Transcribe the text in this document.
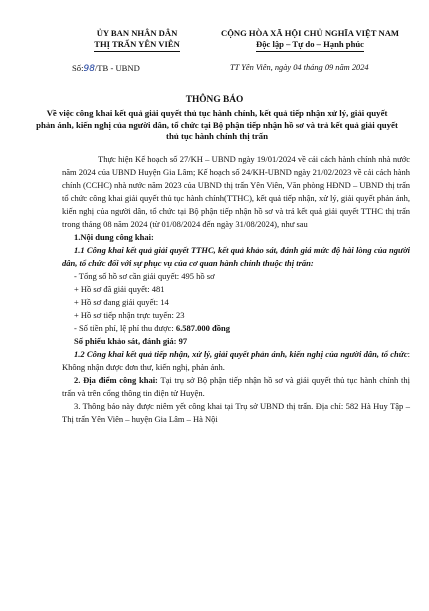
ỦY BAN NHÂN DÂN
THỊ TRẤN YÊN VIÊN
CỘNG HÒA XÃ HỘI CHỦ NGHĨA VIỆT NAM
Độc lập – Tự do – Hạnh phúc
Số:98/TB - UBND	TT Yên Viên, ngày 04 tháng 09 năm 2024
THÔNG BÁO
Về việc công khai kết quả giải quyết thủ tục hành chính, kết quả tiếp nhận xử lý, giải quyết phản ánh, kiến nghị của người dân, tổ chức tại Bộ phận tiếp nhận hồ sơ và trả kết quả giải quyết thủ tục hành chính thị trấn

Thực hiện Kế hoạch số 27/KH – UBND ngày 19/01/2024 về cải cách hành chính nhà nước năm 2024 của UBND Huyện Gia Lâm; Kế hoạch số 24/KH-UBND ngày 21/02/2023 về cải cách hành chính (CCHC) nhà nước năm 2023 của UBND thị trấn Yên Viên, Văn phòng HĐND – UBND thị trấn tổ chức công khai giải quyết thủ tục hành chính(TTHC), kết quả tiếp nhận, xử lý, giải quyết phản ánh, kiến nghị của người dân, tổ chức tại Bộ phận tiếp nhận hồ sơ và trả kết quả giải quyết TTHC thị trấn trong tháng 08 năm 2024 (từ 01/08/2024 đến ngày 31/08/2024), như sau

1.Nội dung công khai:

1.1 Công khai kết quả giải quyết TTHC, kết quả khảo sát, đánh giá mức độ hài lòng của người dân, tổ chức đối với sự phục vụ của cơ quan hành chính thuộc thị trấn:

- Tổng số hồ sơ cần giải quyết: 495 hồ sơ

+ Hồ sơ đã giải quyết: 481

+ Hồ sơ đang giải quyết: 14

+ Hồ sơ tiếp nhận trực tuyến: 23

- Số tiền phí, lệ phí thu được: 6.587.000 đồng

Số phiếu khảo sát, đánh giá: 97

1.2 Công khai kết quả tiếp nhận, xử lý, giải quyết phản ánh, kiến nghị của người dân, tổ chức: Không nhận được đơn thư, kiến nghị, phản ánh.

2. Địa điểm công khai: Tại trụ sở Bộ phận tiếp nhận hồ sơ và giải quyết thủ tục hành chính thị trấn và trên cổng thông tin điện tử Huyện.

3. Thông báo này được niêm yết công khai tại Trụ sở UBND thị trấn. Địa chỉ: 582 Hà Huy Tập – Thị trấn Yên Viên – huyện Gia Lâm – Hà Nội
